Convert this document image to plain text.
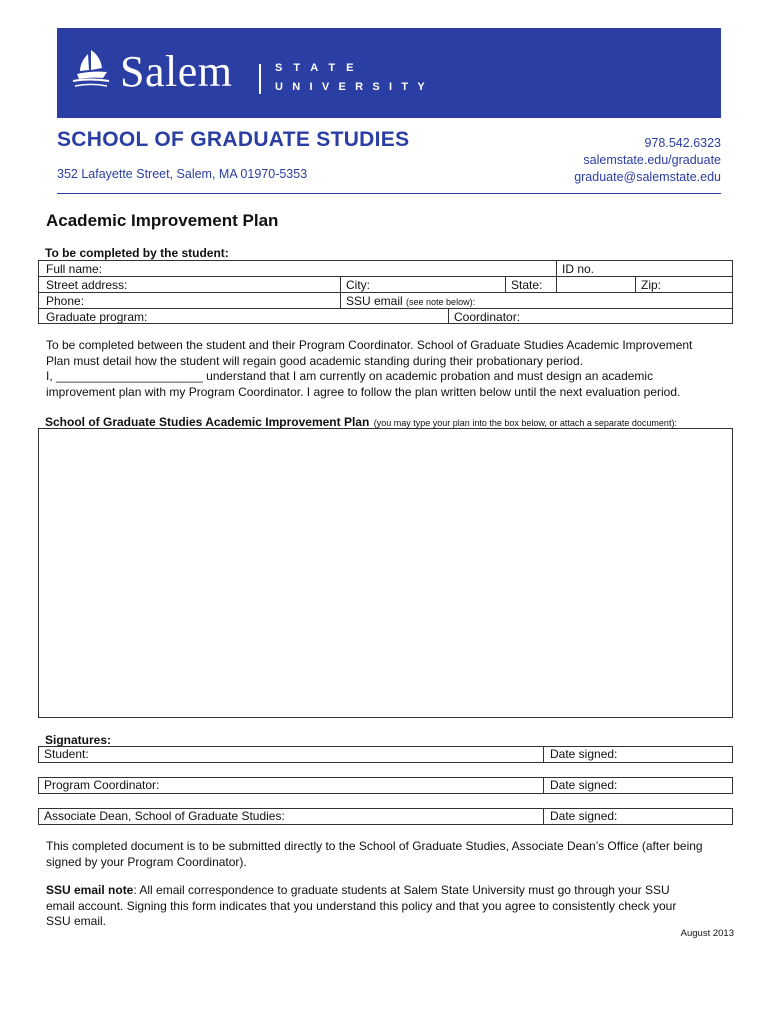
Salem	STATE
UNIVERSITY
SCHOOL OF GRADUATE STUDIES
352 Lafayette Street, Salem, MA 01970-5353
978.542.6323
salemstate.edu/graduate
graduate@salemstate.edu
Academic Improvement Plan
To be completed by the student:
Full name:	ID no.
Street address:	City:	State:	Zip:
Phone:	SSU email (see note below):
Graduate program:	Coordinator:
To be completed between the student and their Program Coordinator. School of Graduate Studies Academic Improvement
Plan must detail how the student will regain good academic standing during their probationary period.
I, ______________________ understand that I am currently on academic probation and must design an academic
improvement plan with my Program Coordinator. I agree to follow the plan written below until the next evaluation period.
School of Graduate Studies Academic Improvement Plan (you may type your plan into the box below, or attach a separate document):
Signatures:
Student:	Date signed:
Program Coordinator:	Date signed:
Associate Dean, School of Graduate Studies:	Date signed:
This completed document is to be submitted directly to the School of Graduate Studies, Associate Dean’s Office (after being
signed by your Program Coordinator).
SSU email note: All email correspondence to graduate students at Salem State University must go through your SSU
email account. Signing this form indicates that you understand this policy and that you agree to consistently check your
SSU email.
August 2013
